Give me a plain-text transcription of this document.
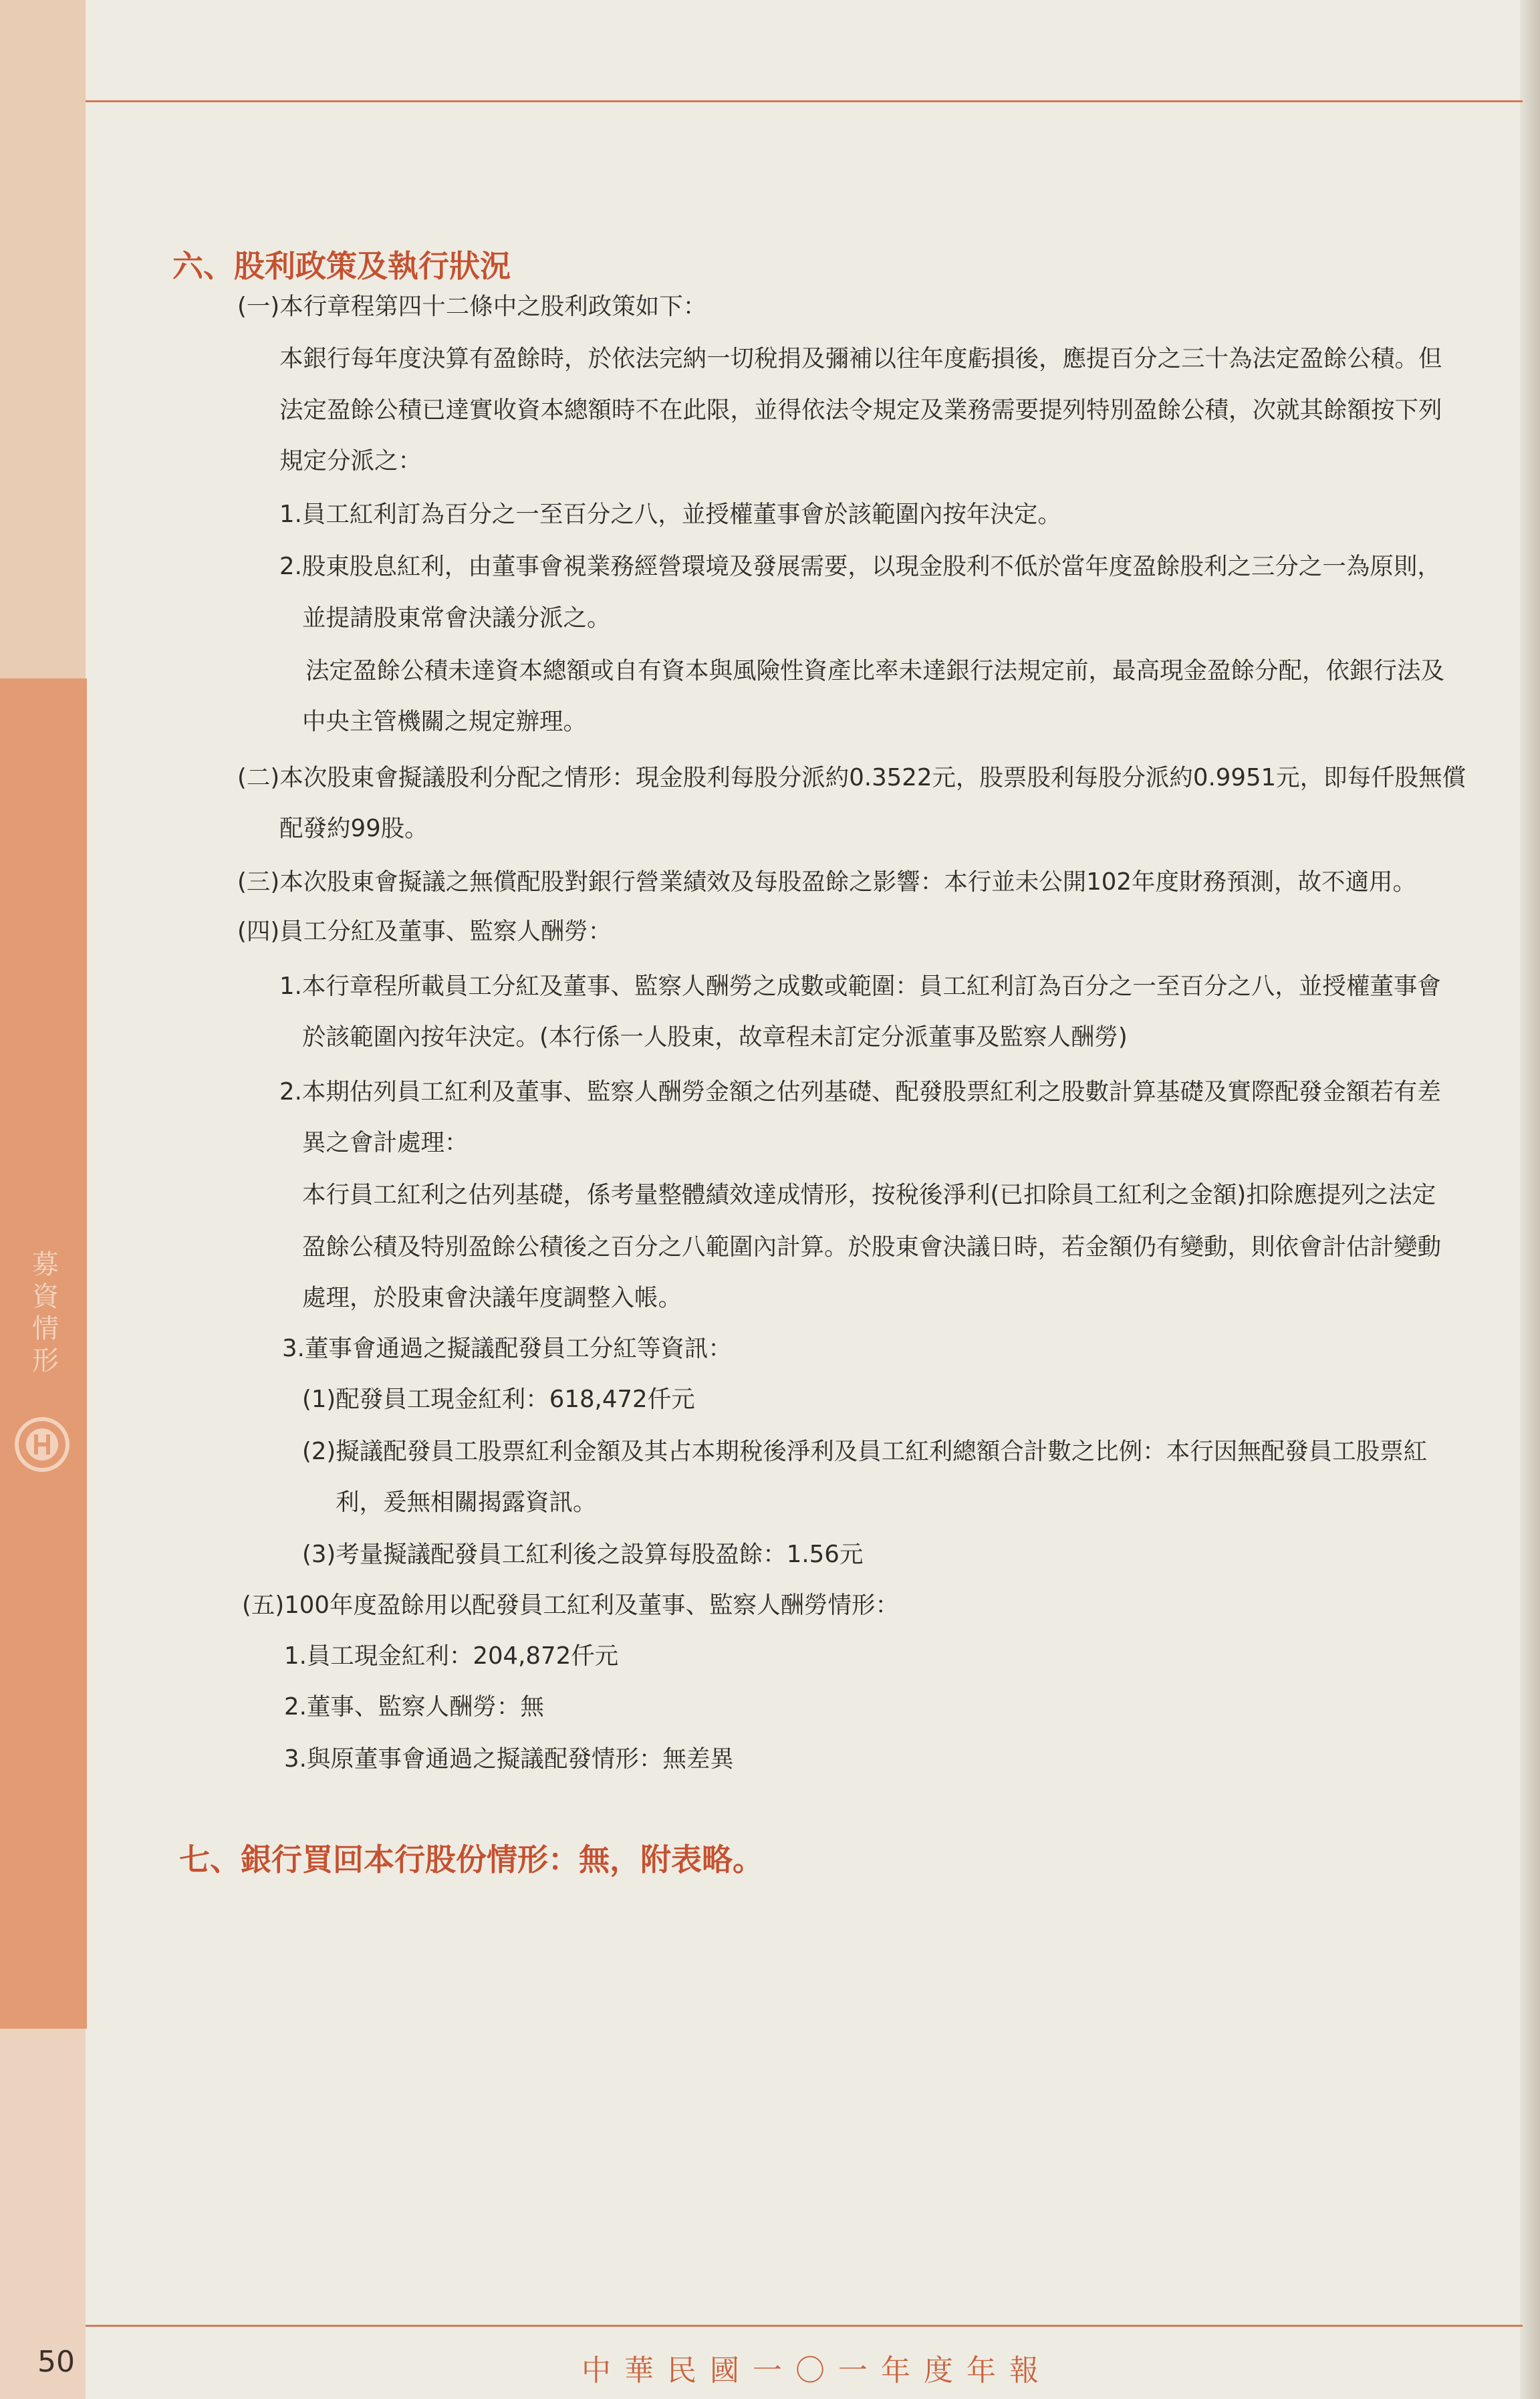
募資情形
六、股利政策及執行狀況
(一)本行章程第四十二條中之股利政策如下：
本銀行每年度決算有盈餘時，於依法完納一切稅捐及彌補以往年度虧損後，應提百分之三十為法定盈餘公積。但
法定盈餘公積已達實收資本總額時不在此限，並得依法令規定及業務需要提列特別盈餘公積，次就其餘額按下列
規定分派之：
1.員工紅利訂為百分之一至百分之八，並授權董事會於該範圍內按年決定。
2.股東股息紅利，由董事會視業務經營環境及發展需要，以現金股利不低於當年度盈餘股利之三分之一為原則，
並提請股東常會決議分派之。
法定盈餘公積未達資本總額或自有資本與風險性資產比率未達銀行法規定前，最高現金盈餘分配，依銀行法及
中央主管機關之規定辦理。
(二)本次股東會擬議股利分配之情形：現金股利每股分派約0.3522元，股票股利每股分派約0.9951元，即每仟股無償
配發約99股。
(三)本次股東會擬議之無償配股對銀行營業績效及每股盈餘之影響：本行並未公開102年度財務預測，故不適用。
(四)員工分紅及董事、監察人酬勞：
1.本行章程所載員工分紅及董事、監察人酬勞之成數或範圍：員工紅利訂為百分之一至百分之八，並授權董事會
於該範圍內按年決定。(本行係一人股東，故章程未訂定分派董事及監察人酬勞)
2.本期估列員工紅利及董事、監察人酬勞金額之估列基礎、配發股票紅利之股數計算基礎及實際配發金額若有差
異之會計處理：
本行員工紅利之估列基礎，係考量整體績效達成情形，按稅後淨利(已扣除員工紅利之金額)扣除應提列之法定
盈餘公積及特別盈餘公積後之百分之八範圍內計算。於股東會決議日時，若金額仍有變動，則依會計估計變動
處理，於股東會決議年度調整入帳。
3.董事會通過之擬議配發員工分紅等資訊：
(1)配發員工現金紅利：618,472仟元
(2)擬議配發員工股票紅利金額及其占本期稅後淨利及員工紅利總額合計數之比例：本行因無配發員工股票紅
利，爰無相關揭露資訊。
(3)考量擬議配發員工紅利後之設算每股盈餘：1.56元
(五)100年度盈餘用以配發員工紅利及董事、監察人酬勞情形：
1.員工現金紅利：204,872仟元
2.董事、監察人酬勞：無
3.與原董事會通過之擬議配發情形：無差異
七、銀行買回本行股份情形：無，附表略。
50	中華民國一〇一年度年報
